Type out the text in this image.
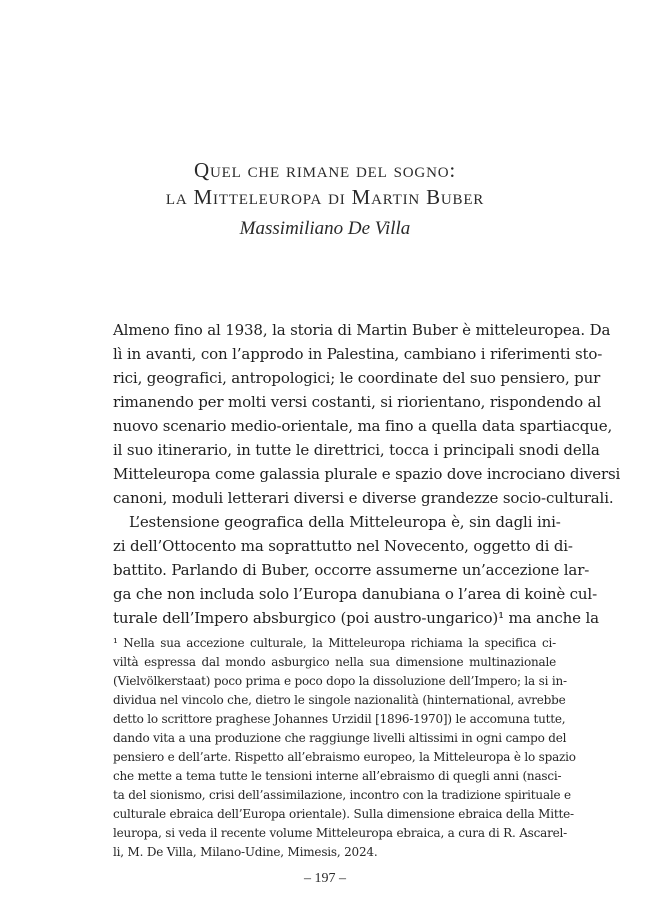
Quel che rimane del sogno:
la Mitteleuropa di Martin Buber
Massimiliano De Villa
Almeno fino al 1938, la storia di Martin Buber è mitteleuropea. Da
lì in avanti, con l’approdo in Palestina, cambiano i riferimenti sto-
rici, geografici, antropologici; le coordinate del suo pensiero, pur
rimanendo per molti versi costanti, si riorientano, rispondendo al
nuovo scenario medio-orientale, ma fino a quella data spartiacque,
il suo itinerario, in tutte le direttrici, tocca i principali snodi della
Mitteleuropa come galassia plurale e spazio dove incrociano diversi
canoni, moduli letterari diversi e diverse grandezze socio-culturali.
L’estensione geografica della Mitteleuropa è, sin dagli ini-
zi dell’Ottocento ma soprattutto nel Novecento, oggetto di di-
battito. Parlando di Buber, occorre assumerne un’accezione lar-
ga che non includa solo l’Europa danubiana o l’area di koinè cul-
turale dell’Impero absburgico (poi austro-ungarico)¹ ma anche la
¹ Nella sua accezione culturale, la Mitteleuropa richiama la specifica ci-
viltà espressa dal mondo asburgico nella sua dimensione multinazionale
(Vielvölkerstaat) poco prima e poco dopo la dissoluzione dell’Impero; la si in-
dividua nel vincolo che, dietro le singole nazionalità (hinternational, avrebbe
detto lo scrittore praghese Johannes Urzidil [1896-1970]) le accomuna tutte,
dando vita a una produzione che raggiunge livelli altissimi in ogni campo del
pensiero e dell’arte. Rispetto all’ebraismo europeo, la Mitteleuropa è lo spazio
che mette a tema tutte le tensioni interne all’ebraismo di quegli anni (nasci-
ta del sionismo, crisi dell’assimilazione, incontro con la tradizione spirituale e
culturale ebraica dell’Europa orientale). Sulla dimensione ebraica della Mitte-
leuropa, si veda il recente volume Mitteleuropa ebraica, a cura di R. Ascarel-
li, M. De Villa, Milano-Udine, Mimesis, 2024.
– 197 –
